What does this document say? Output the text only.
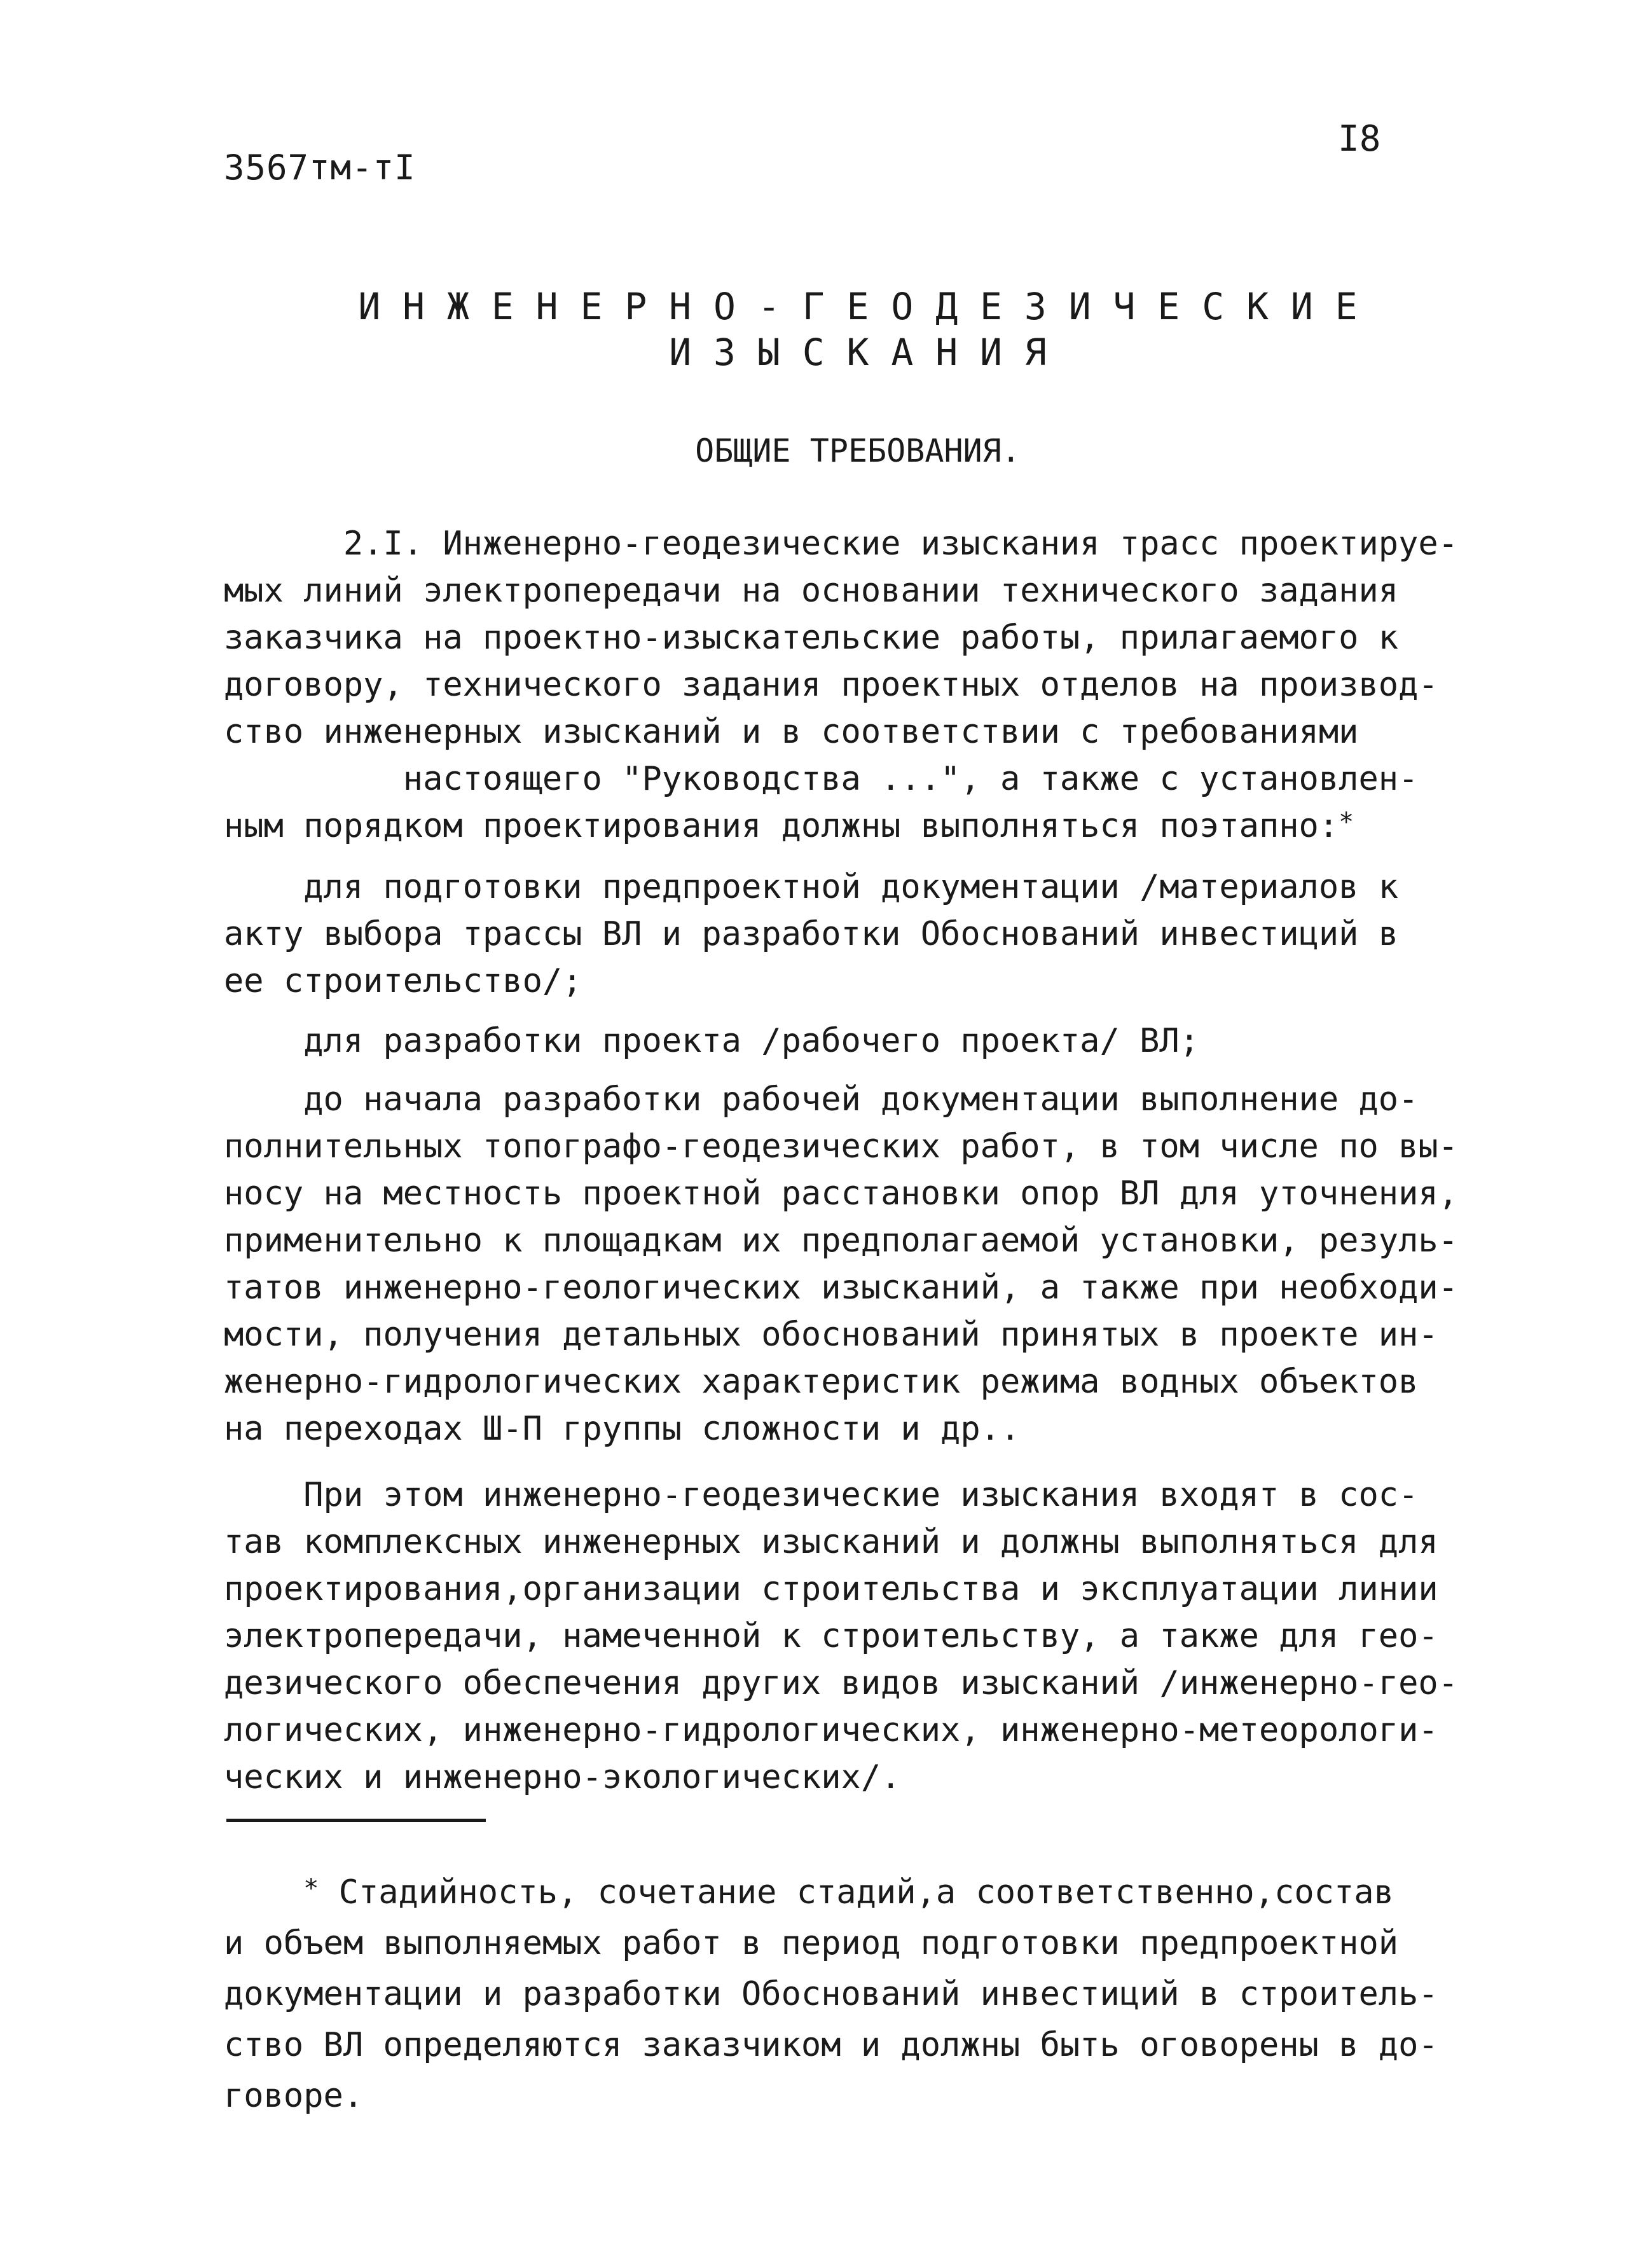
3567тм-тI
I8
И Н Ж Е Н Е Р Н О - Г Е О Д Е З И Ч Е С К И Е
И З Ы С К А Н И Я
ОБЩИЕ ТРЕБОВАНИЯ.
2.I. Инженерно-геодезические изыскания трасс проектируе-
мых линий электропередачи на основании технического задания
заказчика на проектно-изыскательские работы, прилагаемого к
договору, технического задания проектных отделов на производ-
ство инженерных изысканий и в соответствии с требованиями
настоящего "Руководства ...", а также с установлен-
ным порядком проектирования должны выполняться поэтапно:*
для подготовки предпроектной документации /материалов к
акту выбора трассы ВЛ и разработки Обоснований инвестиций в
ее строительство/;
для разработки проекта /рабочего проекта/ ВЛ;
до начала разработки рабочей документации выполнение до-
полнительных топографо-геодезических работ, в том числе по вы-
носу на местность проектной расстановки опор ВЛ для уточнения,
применительно к площадкам их предполагаемой установки, резуль-
татов инженерно-геологических изысканий, а также при необходи-
мости, получения детальных обоснований принятых в проекте ин-
женерно-гидрологических характеристик режима водных объектов
на переходах Ш-П группы сложности и др..
При этом инженерно-геодезические изыскания входят в сос-
тав комплексных инженерных изысканий и должны выполняться для
проектирования,организации строительства и эксплуатации линии
электропередачи, намеченной к строительству, а также для гео-
дезического обеспечения других видов изысканий /инженерно-гео-
логических, инженерно-гидрологических, инженерно-метеорологи-
ческих и инженерно-экологических/.
* Стадийность, сочетание стадий,а соответственно,состав
и объем выполняемых работ в период подготовки предпроектной
документации и разработки Обоснований инвестиций в строитель-
ство ВЛ определяются заказчиком и должны быть оговорены в до-
говоре.
